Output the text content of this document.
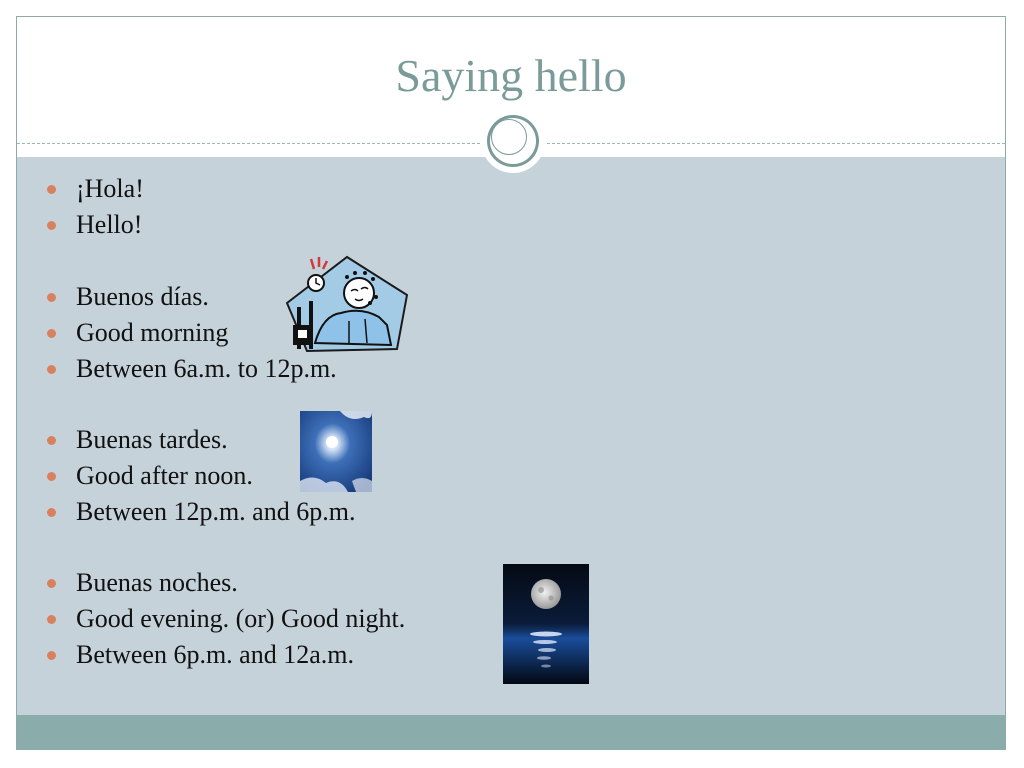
Saying hello
¡Hola!
Hello!
Buenos días.
Good morning
Between 6a.m. to 12p.m.
Buenas tardes.
Good after noon.
Between 12p.m. and 6p.m.
Buenas noches.
Good evening. (or) Good night.
Between 6p.m. and 12a.m.
